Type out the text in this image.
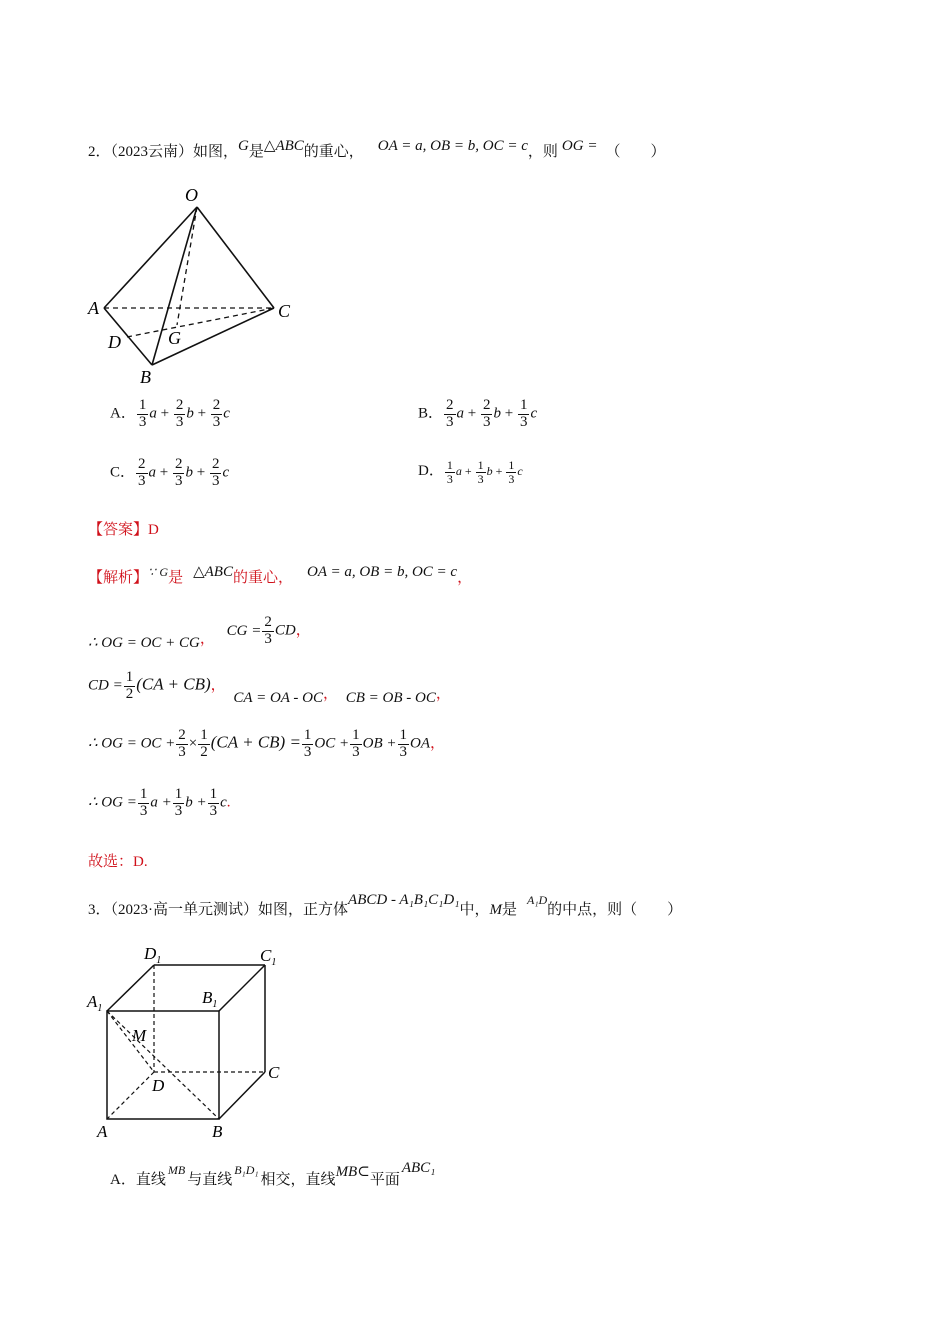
2．（2023云南）如图，G是△ABC的重心， OA = a, OB = b, OC = c，则 OG = （　　）
O
A	C
D	G
B
A． $\frac{1}{3}$ $a + \frac{2}{3}$ $b + \frac{2}{3}$ c	B． $\frac{2}{3}$ $a + \frac{2}{3}$ $b + \frac{1}{3}$ c
C． $\frac{2}{3}$ $a + \frac{2}{3}$ $b + \frac{2}{3}$ c	D． $\frac{1}{3}$ $a + \frac{1}{3}$ $b + \frac{1}{3}$ c
【答案】D
【解析】∵ $^G$是 △ABC的重心， OA = a, OB = b, OC = c，
∴ OG = OC + CG， CG = $\frac{2}{3}$ CD，
CD = $\frac{1}{2} (CA + CB)$， CA = OA - OC， CB = OB - OC，
∴ OG = OC + $\frac{2}{3} \times \frac{1}{2} (CA + CB) = \frac{1}{3}$ OC + $\frac{1}{3}$ OB + $\frac{1}{3}$ OA，
∴ OG = $\frac{1}{3}$ $a + \frac{1}{3}$ $b + \frac{1}{3} c$.
故选：D.
3．（2023·高一单元测试）如图，正方体ABCD - A₁B₁C₁D₁中，M是$^{A_1D}$的中点，则（　　）
$D_1$	$C_1$
$A_1$
$B_1$
M
D
C
A	B
A．直线$^{MB}$与直线$^{B_1D_1}$相交，直线MB⊂平面ABC₁
